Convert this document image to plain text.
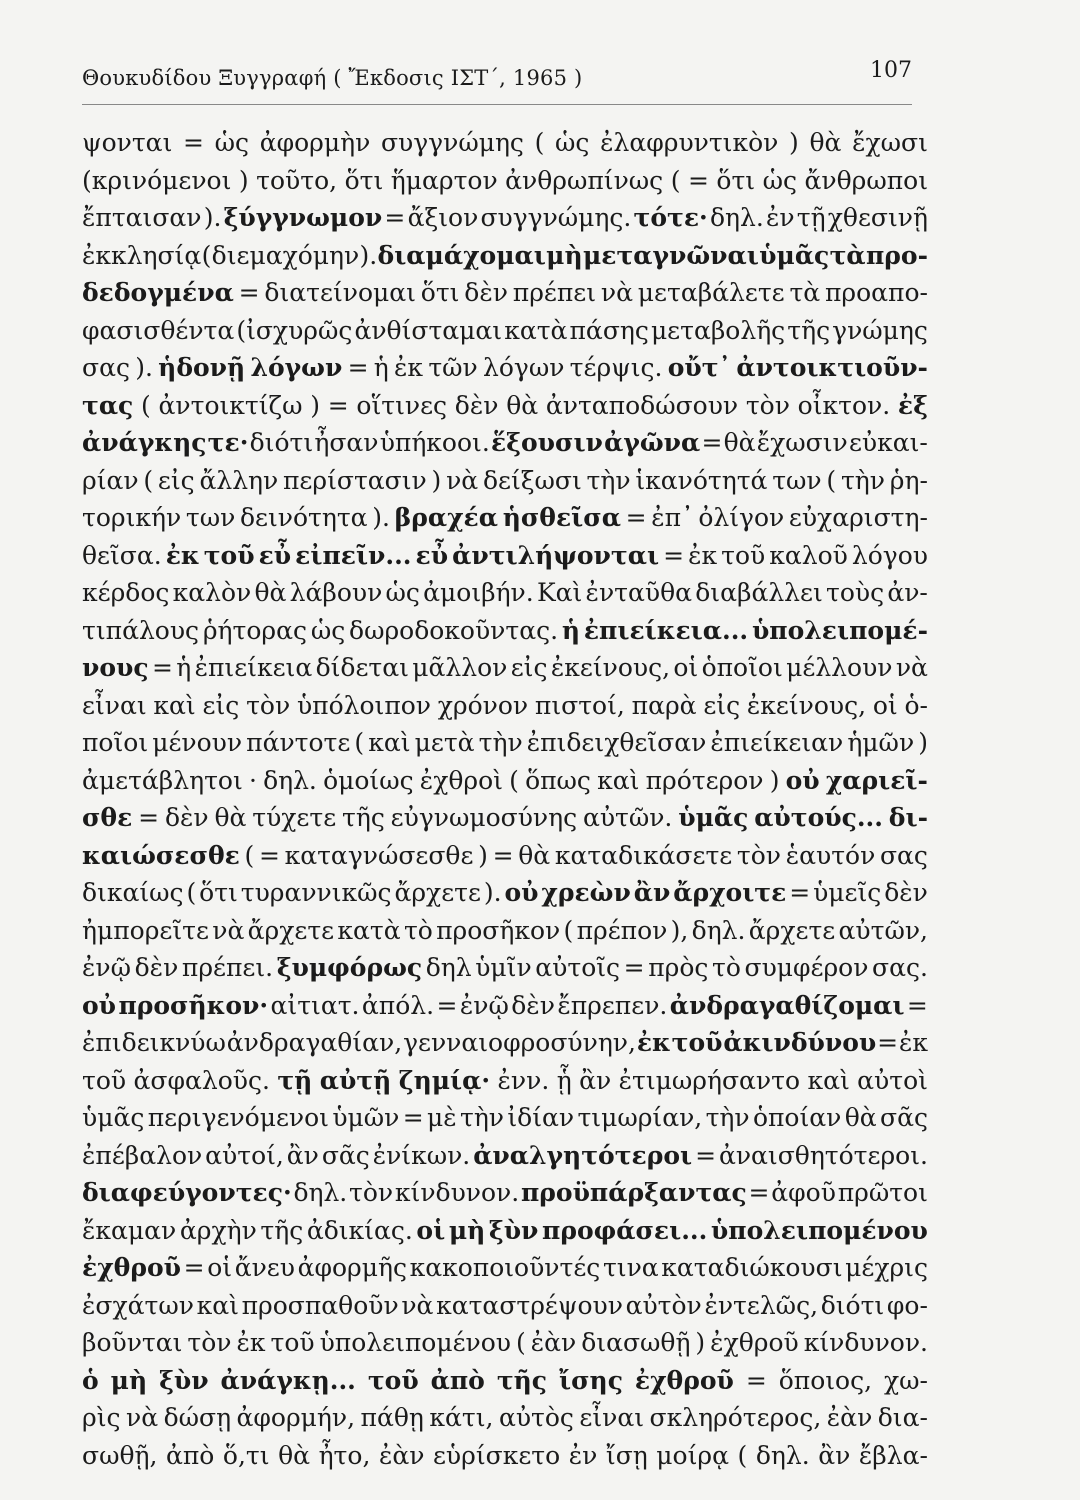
Θουκυδίδου Ξυγγραφή ( Ἔκδοσις ΙΣΤ΄, 1965 )	107
ψονται = ὡς ἀφορμὴν συγγνώμης ( ὡς ἐλαφρυντικὸν ) θὰ ἔχωσι
(κρινόμενοι ) τοῦτο, ὅτι ἥμαρτον ἀνθρωπίνως ( = ὅτι ὡς ἄνθρωποι
ἔπταισαν ). ξύγγνωμον = ἄξιον συγγνώμης. τότε· δηλ. ἐν τῇ χθεσινῇ
ἐκκλησίᾳ ( διεμαχόμην ). διαμάχομαι μὴ μεταγνῶναι ὑμᾶς τὰ προ-
δεδογμένα = διατείνομαι ὅτι δὲν πρέπει νὰ μεταβάλετε τὰ προαπο-
φασισθέντα (ἰσχυρῶς ἀνθίσταμαι κατὰ πάσης μεταβολῆς τῆς γνώμης
σας ). ἡδονῇ λόγων = ἡ ἐκ τῶν λόγων τέρψις. οὔτ᾽ ἀντοικτιοῦν-
τας ( ἀντοικτίζω ) = οἵτινες δὲν θὰ ἀνταποδώσουν τὸν οἶκτον. ἐξ
ἀνάγκης τε· διότι ἦσαν ὑπήκοοι. ἕξουσιν ἀγῶνα = θὰ ἔχωσιν εὐκαι-
ρίαν ( εἰς ἄλλην περίστασιν ) νὰ δείξωσι τὴν ἱκανότητά των ( τὴν ῥη-
τορικήν των δεινότητα ). βραχέα ἡσθεῖσα = ἐπ᾽ ὀλίγον εὐχαριστη-
θεῖσα. ἐκ τοῦ εὖ εἰπεῖν... εὖ ἀντιλήψονται = ἐκ τοῦ καλοῦ λόγου
κέρδος καλὸν θὰ λάβουν ὡς ἀμοιβήν. Καὶ ἐνταῦθα διαβάλλει τοὺς ἀν-
τιπάλους ῥήτορας ὡς δωροδοκοῦντας. ἡ ἐπιείκεια... ὑπολειπομέ-
νους = ἡ ἐπιείκεια δίδεται μᾶλλον εἰς ἐκείνους, οἱ ὁποῖοι μέλλουν νὰ
εἶναι καὶ εἰς τὸν ὑπόλοιπον χρόνον πιστοί, παρὰ εἰς ἐκείνους, οἱ ὁ-
ποῖοι μένουν πάντοτε ( καὶ μετὰ τὴν ἐπιδειχθεῖσαν ἐπιείκειαν ἡμῶν )
ἀμετάβλητοι · δηλ. ὁμοίως ἐχθροὶ ( ὅπως καὶ πρότερον ) οὐ χαριεῖ-
σθε = δὲν θὰ τύχετε τῆς εὐγνωμοσύνης αὐτῶν. ὑμᾶς αὐτούς... δι-
καιώσεσθε ( = καταγνώσεσθε ) = θὰ καταδικάσετε τὸν ἑαυτόν σας
δικαίως ( ὅτι τυραννικῶς ἄρχετε ). οὐ χρεὼν ἂν ἄρχοιτε = ὑμεῖς δὲν
ἠμπορεῖτε νὰ ἄρχετε κατὰ τὸ προσῆκον ( πρέπον ), δηλ. ἄρχετε αὐτῶν,
ἐνῷ δὲν πρέπει. ξυμφόρως δηλ ὑμῖν αὐτοῖς = πρὸς τὸ συμφέρον σας.
οὐ προσῆκον· αἰτιατ. ἀπόλ. = ἐνῷ δὲν ἔπρεπεν. ἀνδραγαθίζομαι =
ἐπιδεικνύω ἀνδραγαθίαν, γενναιοφροσύνην, ἐκ τοῦ ἀκινδύνου = ἐκ
τοῦ ἀσφαλοῦς. τῇ αὐτῇ ζημίᾳ· ἐνν. ᾗ ἂν ἐτιμωρήσαντο καὶ αὐτοὶ
ὑμᾶς περιγενόμενοι ὑμῶν = μὲ τὴν ἰδίαν τιμωρίαν, τὴν ὁποίαν θὰ σᾶς
ἐπέβαλον αὐτοί, ἂν σᾶς ἐνίκων. ἀναλγητότεροι = ἀναισθητότεροι.
διαφεύγοντες· δηλ. τὸν κίνδυνον. προϋπάρξαντας = ἀφοῦ πρῶτοι
ἔκαμαν ἀρχὴν τῆς ἀδικίας. οἱ μὴ ξὺν προφάσει... ὑπολειπομένου
ἐχθροῦ = οἱ ἄνευ ἀφορμῆς κακοποιοῦντές τινα καταδιώκουσι μέχρις
ἐσχάτων καὶ προσπαθοῦν νὰ καταστρέψουν αὐτὸν ἐντελῶς, διότι φο-
βοῦνται τὸν ἐκ τοῦ ὑπολειπομένου ( ἐὰν διασωθῇ ) ἐχθροῦ κίνδυνον.
ὁ μὴ ξὺν ἀνάγκῃ... τοῦ ἀπὸ τῆς ἴσης ἐχθροῦ = ὅποιος, χω-
ρὶς νὰ δώσῃ ἀφορμήν, πάθῃ κάτι, αὐτὸς εἶναι σκληρότερος, ἐὰν δια-
σωθῇ, ἀπὸ ὅ,τι θὰ ἦτο, ἐὰν εὑρίσκετο ἐν ἴσῃ μοίρᾳ ( δηλ. ἂν ἔβλα-
